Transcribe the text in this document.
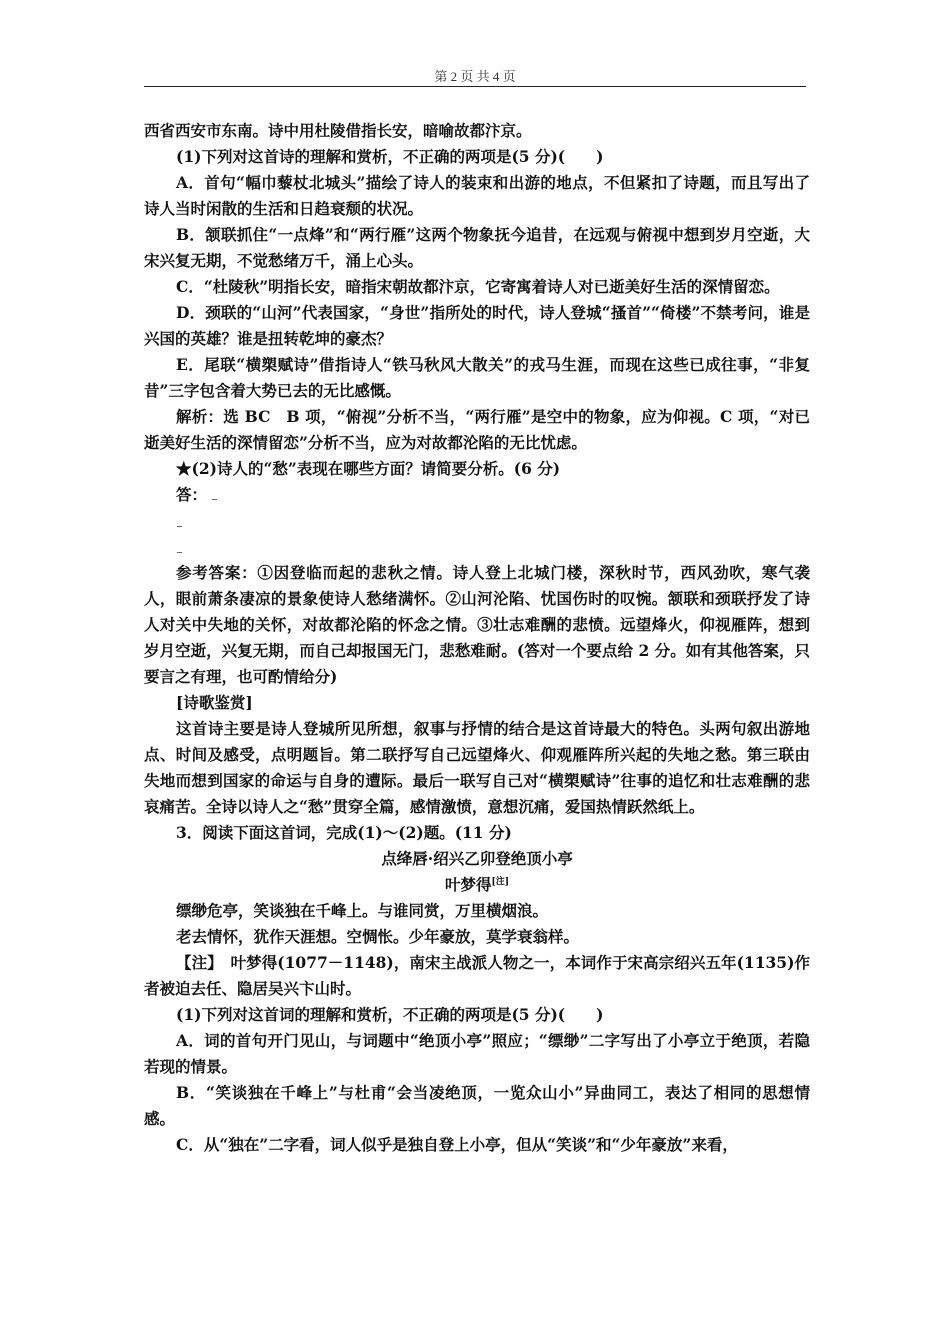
第 2 页 共 4 页

西省西安市东南。诗中用杜陵借指长安，暗喻故都汴京。

(1)下列对这首诗的理解和赏析，不正确的两项是(5 分)(　　)

A．首句“幅巾藜杖北城头”描绘了诗人的装束和出游的地点，不但紧扣了诗题，而且写出了诗人当时闲散的生活和日趋衰颓的状况。

B．颔联抓住“一点烽”和“两行雁”这两个物象抚今追昔，在远观与俯视中想到岁月空逝，大宋兴复无期，不觉愁绪万千，涌上心头。

C．“杜陵秋”明指长安，暗指宋朝故都汴京，它寄寓着诗人对已逝美好生活的深情留恋。

D．颈联的“山河”代表国家，“身世”指所处的时代，诗人登城“搔首”“倚楼”不禁考问，谁是兴国的英雄？谁是扭转乾坤的豪杰？

E．尾联“横槊赋诗”借指诗人“铁马秋风大散关”的戎马生涯，而现在这些已成往事，“非复昔”三字包含着大势已去的无比感慨。

解析：选 BC　B 项，“俯视”分析不当，“两行雁”是空中的物象，应为仰视。C 项，“对已逝美好生活的深情留恋”分析不当，应为对故都沦陷的无比忧虑。

★(2)诗人的“愁”表现在哪些方面？请简要分析。(6 分)

答：

参考答案：①因登临而起的悲秋之情。诗人登上北城门楼，深秋时节，西风劲吹，寒气袭人，眼前萧条凄凉的景象使诗人愁绪满怀。②山河沦陷、忧国伤时的叹惋。颔联和颈联抒发了诗人对关中失地的关怀，对故都沦陷的怀念之情。③壮志难酬的悲愤。远望烽火，仰视雁阵，想到岁月空逝，兴复无期，而自己却报国无门，悲愁难耐。(答对一个要点给 2 分。如有其他答案，只要言之有理，也可酌情给分)

[诗歌鉴赏]

这首诗主要是诗人登城所见所想，叙事与抒情的结合是这首诗最大的特色。头两句叙出游地点、时间及感受，点明题旨。第二联抒写自己远望烽火、仰观雁阵所兴起的失地之愁。第三联由失地而想到国家的命运与自身的遭际。最后一联写自己对“横槊赋诗”往事的追忆和壮志难酬的悲哀痛苦。全诗以诗人之“愁”贯穿全篇，感情激愤，意想沉痛，爱国热情跃然纸上。

3．阅读下面这首词，完成(1)～(2)题。(11 分)

点绛唇·绍兴乙卯登绝顶小亭

叶梦得[注]

缥缈危亭，笑谈独在千峰上。与谁同赏，万里横烟浪。

老去情怀，犹作天涯想。空惆怅。少年豪放，莫学衰翁样。

【注】　叶梦得(1077－1148)，南宋主战派人物之一，本词作于宋高宗绍兴五年(1135)作者被迫去任、隐居吴兴卞山时。

(1)下列对这首词的理解和赏析，不正确的两项是(5 分)(　　)

A．词的首句开门见山，与词题中“绝顶小亭”照应；“缥缈”二字写出了小亭立于绝顶，若隐若现的情景。

B．“笑谈独在千峰上”与杜甫“会当凌绝顶，一览众山小”异曲同工，表达了相同的思想情感。

C．从“独在”二字看，词人似乎是独自登上小亭，但从“笑谈”和“少年豪放”来看，
